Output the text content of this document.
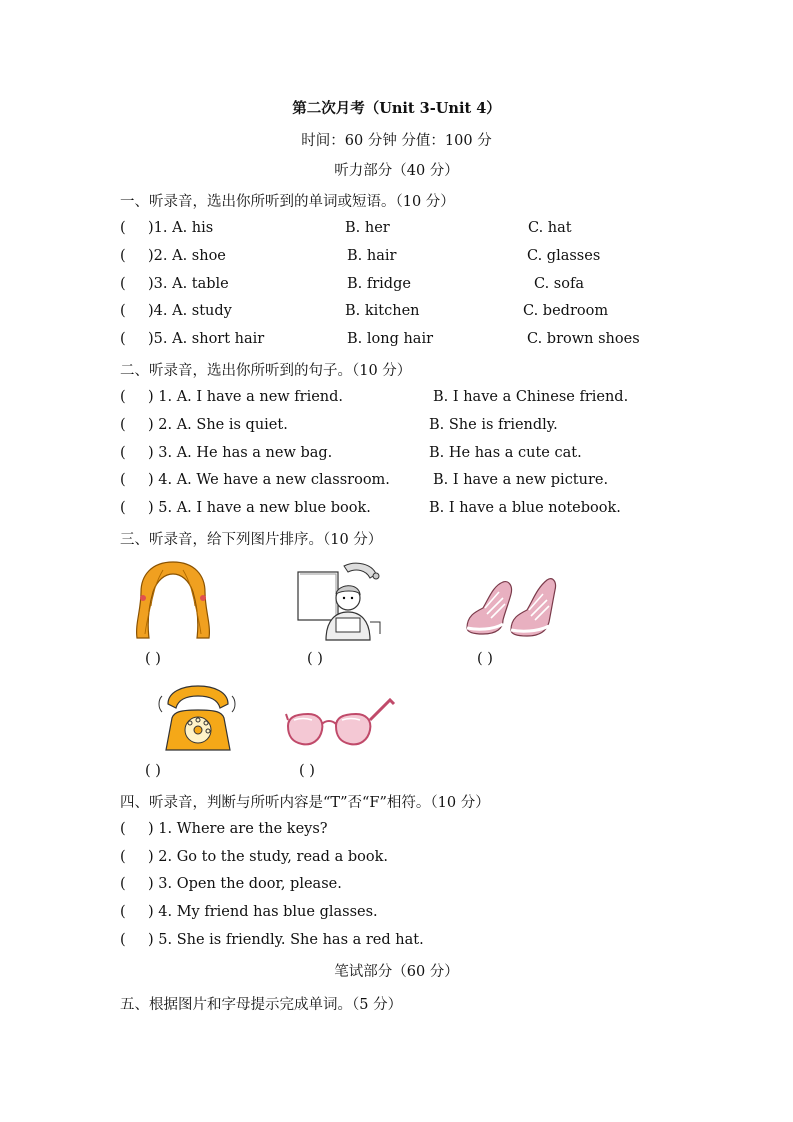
第二次月考（Unit 3-Unit 4）
时间：60 分钟 分值：100 分
听力部分（40 分）
一、听录音，选出你所听到的单词或短语。（10 分）
( )1. A. his	B. her	C. hat
( )2. A. shoe	B. hair	C. glasses
( )3. A. table	B. fridge	C. sofa
( )4. A. study	B. kitchen	C. bedroom
( )5. A. short hair	B. long hair	C. brown shoes
二、听录音，选出你所听到的句子。（10 分）
( ) 1. A. I have a new friend.	B. I have a Chinese friend.
( ) 2. A. She is quiet.	B. She is friendly.
( ) 3. A. He has a new bag.	B. He has a cute cat.
( ) 4. A. We have a new classroom.	B. I have a new picture.
( ) 5. A. I have a new blue book.	B. I have a blue notebook.
三、听录音，给下列图片排序。（10 分）
( )	( )	( )
( )	( )
四、听录音，判断与所听内容是“T”否“F”相符。（10 分）
( ) 1. Where are the keys?
( ) 2. Go to the study, read a book.
( ) 3. Open the door, please.
( ) 4. My friend has blue glasses.
( ) 5. She is friendly. She has a red hat.
笔试部分（60 分）
五、根据图片和字母提示完成单词。（5 分）
